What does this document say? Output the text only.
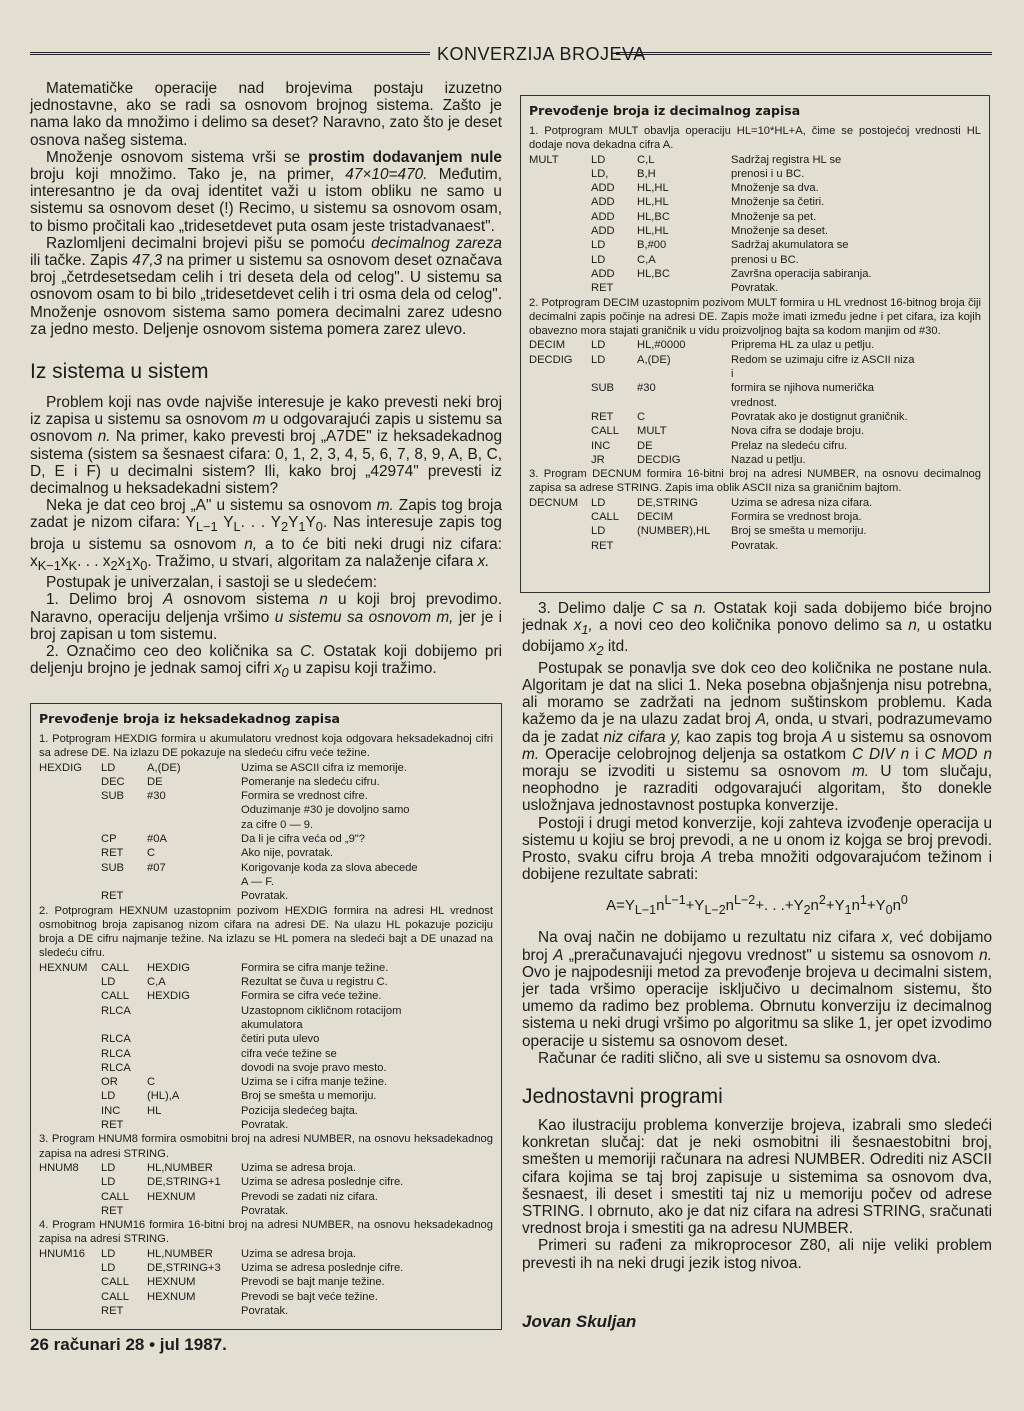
KONVERZIJA BROJEVA

Matematičke operacije nad brojevima postaju izuzetno jednostavne, ako se radi sa osnovom brojnog sistema. Zašto je nama lako da množimo i delimo sa deset? Naravno, zato što je deset osnova našeg sistema.

Množenje osnovom sistema vrši se prostim dodavanjem nule broju koji množimo. Tako je, na primer, 47×10=470. Međutim, interesantno je da ovaj identitet važi u istom obliku ne samo u sistemu sa osnovom deset (!) Recimo, u sistemu sa osnovom osam, to bismo pročitali kao „tridesetdevet puta osam jeste tristadvanaest".

Razlomljeni decimalni brojevi pišu se pomoću decimalnog zareza ili tačke. Zapis 47,3 na primer u sistemu sa osnovom deset označava broj „četrdesetsedam celih i tri deseta dela od celog". U sistemu sa osnovom osam to bi bilo „tridesetdevet celih i tri osma dela od celog". Množenje osnovom sistema samo pomera decimalni zarez udesno za jedno mesto. Deljenje osnovom sistema pomera zarez ulevo.

Iz sistema u sistem

Problem koji nas ovde najviše interesuje je kako prevesti neki broj iz zapisa u sistemu sa osnovom m u odgovarajući zapis u sistemu sa osnovom n. Na primer, kako prevesti broj „A7DE" iz heksadekadnog sistema (sistem sa šesnaest cifara: 0, 1, 2, 3, 4, 5, 6, 7, 8, 9, A, B, C, D, E i F) u decimalni sistem? Ili, kako broj „42974" prevesti iz decimalnog u heksadekadni sistem?

Neka je dat ceo broj „A" u sistemu sa osnovom m. Zapis tog broja zadat je nizom cifara: $Y_{L-1}$ $Y_L$. . . $Y_2Y_1Y_0$. Nas interesuje zapis tog broja u sistemu sa osnovom n, a to će biti neki drugi niz cifara: $x_{K-1}x_K$. . . $x_2x_1x_0$. Tražimo, u stvari, algoritam za nalaženje cifara x.

Postupak je univerzalan, i sastoji se u sledećem:

1. Delimo broj A osnovom sistema n u koji broj prevodimo. Naravno, operaciju deljenja vršimo u sistemu sa osnovom m, jer je i broj zapisan u tom sistemu.

2. Označimo ceo deo količnika sa C. Ostatak koji dobijemo pri deljenju brojno je jednak samoj cifri $x_0$ u zapisu koji tražimo.

Prevođenje broja iz heksadekadnog zapisa

1. Potprogram HEXDIG formira u akumulatoru vrednost koja odgovara heksadekadnoj cifri sa adrese DE. Na izlazu DE pokazuje na sledeću cifru veće težine.

HEXDIG	LD	A,(DE)	Uzima se ASCII cifra iz memorije.
	DEC	DE	Pomeranje na sledeću cifru.
	SUB	#30	Formira se vrednost cifre.
			Oduzimanje #30 je dovoljno samo
			za cifre 0 — 9.
	CP	#0A	Da li je cifra veća od „9"?
	RET	C	Ako nije, povratak.
	SUB	#07	Korigovanje koda za slova abecede
			A — F.
	RET		Povratak.

2. Potprogram HEXNUM uzastopnim pozivom HEXDIG formira na adresi HL vrednost osmobitnog broja zapisanog nizom cifara na adresi DE. Na ulazu HL pokazuje poziciju broja a DE cifru najmanje težine. Na izlazu se HL pomera na sledeći bajt a DE unazad na sledeću cifru.

HEXNUM	CALL	HEXDIG	Formira se cifra manje težine.
	LD	C,A	Rezultat se čuva u registru C.
	CALL	HEXDIG	Formira se cifra veće težine.
	RLCA		Uzastopnom cikličnom rotacijom
			akumulatora
	RLCA		četiri puta ulevo
	RLCA		cifra veće težine se
	RLCA		dovodi na svoje pravo mesto.
	OR	C	Uzima se i cifra manje težine.
	LD	(HL),A	Broj se smešta u memoriju.
	INC	HL	Pozicija sledećeg bajta.
	RET		Povratak.

3. Program HNUM8 formira osmobitni broj na adresi NUMBER, na osnovu heksadekadnog zapisa na adresi STRING.

HNUM8	LD	HL,NUMBER	Uzima se adresa broja.
	LD	DE,STRING+1	Uzima se adresa poslednje cifre.
	CALL	HEXNUM	Prevodi se zadati niz cifara.
	RET		Povratak.

4. Program HNUM16 formira 16-bitni broj na adresi NUMBER, na osnovu heksadekadnog zapisa na adresi STRING.

HNUM16	LD	HL,NUMBER	Uzima se adresa broja.
	LD	DE,STRING+3	Uzima se adresa poslednje cifre.
	CALL	HEXNUM	Prevodi se bajt manje težine.
	CALL	HEXNUM	Prevodi se bajt veće težine.
	RET		Povratak.
Prevođenje broja iz decimalnog zapisa

1. Potprogram MULT obavlja operaciju HL=10*HL+A, čime se postojećoj vrednosti HL dodaje nova dekadna cifra A.

MULT	LD	C,L	Sadržaj registra HL se
	LD,	B,H	prenosi i u BC.
	ADD	HL,HL	Množenje sa dva.
	ADD	HL,HL	Množenje sa četiri.
	ADD	HL,BC	Množenje sa pet.
	ADD	HL,HL	Množenje sa deset.
	LD	B,#00	Sadržaj akumulatora se
	LD	C,A	prenosi u BC.
	ADD	HL,BC	Završna operacija sabiranja.
	RET		Povratak.

2. Potprogram DECIM uzastopnim pozivom MULT formira u HL vrednost 16-bitnog broja čiji decimalni zapis počinje na adresi DE. Zapis može imati između jedne i pet cifara, iza kojih obavezno mora stajati graničnik u vidu proizvoljnog bajta sa kodom manjim od #30.

DECIM	LD	HL,#0000	Priprema HL za ulaz u petlju.
DECDIG	LD	A,(DE)	Redom se uzimaju cifre iz ASCII niza
			i
	SUB	#30	formira se njihova numerička
			vrednost.
	RET	C	Povratak ako je dostignut graničnik.
	CALL	MULT	Nova cifra se dodaje broju.
	INC	DE	Prelaz na sledeću cifru.
	JR	DECDIG	Nazad u petlju.

3. Program DECNUM formira 16-bitni broj na adresi NUMBER, na osnovu decimalnog zapisa sa adrese STRING. Zapis ima oblik ASCII niza sa graničnim bajtom.

DECNUM	LD	DE,STRING	Uzima se adresa niza cifara.
	CALL	DECIM	Formira se vrednost broja.
	LD	(NUMBER),HL	Broj se smešta u memoriju.
	RET		Povratak.

3. Delimo dalje C sa n. Ostatak koji sada dobijemo biće brojno jednak $x_1$, a novi ceo deo količnika ponovo delimo sa n, u ostatku dobijamo $x_2$ itd.

Postupak se ponavlja sve dok ceo deo količnika ne postane nula. Algoritam je dat na slici 1. Neka posebna objašnjenja nisu potrebna, ali moramo se zadržati na jednom suštinskom problemu. Kada kažemo da je na ulazu zadat broj A, onda, u stvari, podrazumevamo da je zadat niz cifara y, kao zapis tog broja A u sistemu sa osnovom m. Operacije celobrojnog deljenja sa ostatkom C DIV n i C MOD n moraju se izvoditi u sistemu sa osnovom m. U tom slučaju, neophodno je razraditi odgovarajući algoritam, što donekle usložnjava jednostavnost postupka konverzije.

Postoji i drugi metod konverzije, koji zahteva izvođenje operacija u sistemu u kojiu se broj prevodi, a ne u onom iz kojga se broj prevodi. Prosto, svaku cifru broja A treba množiti odgovarajućom težinom i dobijene rezultate sabrati:

$A=Y_{L-1}n^{L-1}+Y_{L-2}n^{L-2}+$. . $.+Y_2n^2+Y_1n^1+Y_0n^0$

Na ovaj način ne dobijamo u rezultatu niz cifara x, već dobijamo broj A „preračunavajući njegovu vrednost" u sistemu sa osnovom n. Ovo je najpodesniji metod za prevođenje brojeva u decimalni sistem, jer tada vršimo operacije isključivo u decimalnom sistemu, što umemo da radimo bez problema. Obrnutu konverziju iz decimalnog sistema u neki drugi vršimo po algoritmu sa slike 1, jer opet izvodimo operacije u sistemu sa osnovom deset.

Računar će raditi slično, ali sve u sistemu sa osnovom dva.

Jednostavni programi

Kao ilustraciju problema konverzije brojeva, izabrali smo sledeći konkretan slučaj: dat je neki osmobitni ili šesnaestobitni broj, smešten u memoriji računara na adresi NUMBER. Odrediti niz ASCII cifara kojima se taj broj zapisuje u sistemima sa osnovom dva, šesnaest, ili deset i smestiti taj niz u memoriju počev od adrese STRING. I obrnuto, ako je dat niz cifara na adresi STRING, sračunati vrednost broja i smestiti ga na adresu NUMBER.

Primeri su rađeni za mikroprocesor Z80, ali nije veliki problem prevesti ih na neki drugi jezik istog nivoa.

Jovan Skuljan
26 računari 28 • jul 1987.
